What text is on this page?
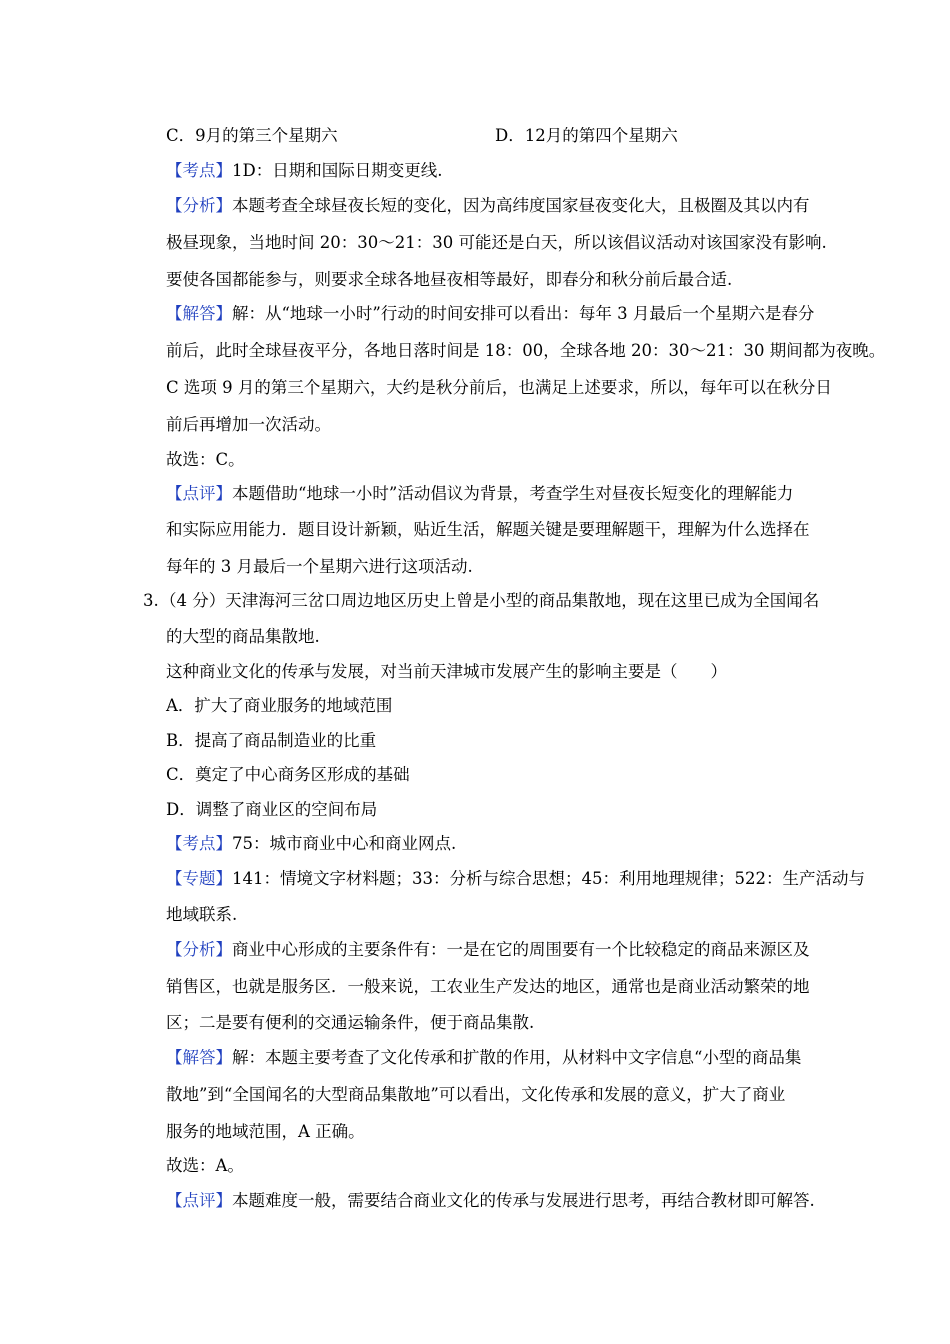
C．9月的第三个星期六	D．12月的第四个星期六
【考点】1D：日期和国际日期变更线.
【分析】本题考查全球昼夜长短的变化，因为高纬度国家昼夜变化大，且极圈及其以内有
极昼现象，当地时间 20：30～21：30 可能还是白天，所以该倡议活动对该国家没有影响.
要使各国都能参与，则要求全球各地昼夜相等最好，即春分和秋分前后最合适.
【解答】解：从“地球一小时”行动的时间安排可以看出：每年 3 月最后一个星期六是春分
前后，此时全球昼夜平分，各地日落时间是 18：00，全球各地 20：30～21：30 期间都为夜晚。
C 选项 9 月的第三个星期六，大约是秋分前后，也满足上述要求，所以，每年可以在秋分日
前后再增加一次活动。
故选：C。
【点评】本题借助“地球一小时”活动倡议为背景，考查学生对昼夜长短变化的理解能力
和实际应用能力．题目设计新颖，贴近生活，解题关键是要理解题干，理解为什么选择在
每年的 3 月最后一个星期六进行这项活动.
3. （4 分）天津海河三岔口周边地区历史上曾是小型的商品集散地，现在这里已成为全国闻名
的大型的商品集散地.
这种商业文化的传承与发展，对当前天津城市发展产生的影响主要是（　　）
A．扩大了商业服务的地域范围
B．提高了商品制造业的比重
C．奠定了中心商务区形成的基础
D．调整了商业区的空间布局
【考点】75：城市商业中心和商业网点.
【专题】141：情境文字材料题；33：分析与综合思想；45：利用地理规律；522：生产活动与
地域联系.
【分析】商业中心形成的主要条件有：一是在它的周围要有一个比较稳定的商品来源区及
销售区，也就是服务区．一般来说，工农业生产发达的地区，通常也是商业活动繁荣的地
区；二是要有便利的交通运输条件，便于商品集散.
【解答】解：本题主要考查了文化传承和扩散的作用，从材料中文字信息“小型的商品集
散地”到“全国闻名的大型商品集散地”可以看出，文化传承和发展的意义，扩大了商业
服务的地域范围，A 正确。
故选：A。
【点评】本题难度一般，需要结合商业文化的传承与发展进行思考，再结合教材即可解答.
